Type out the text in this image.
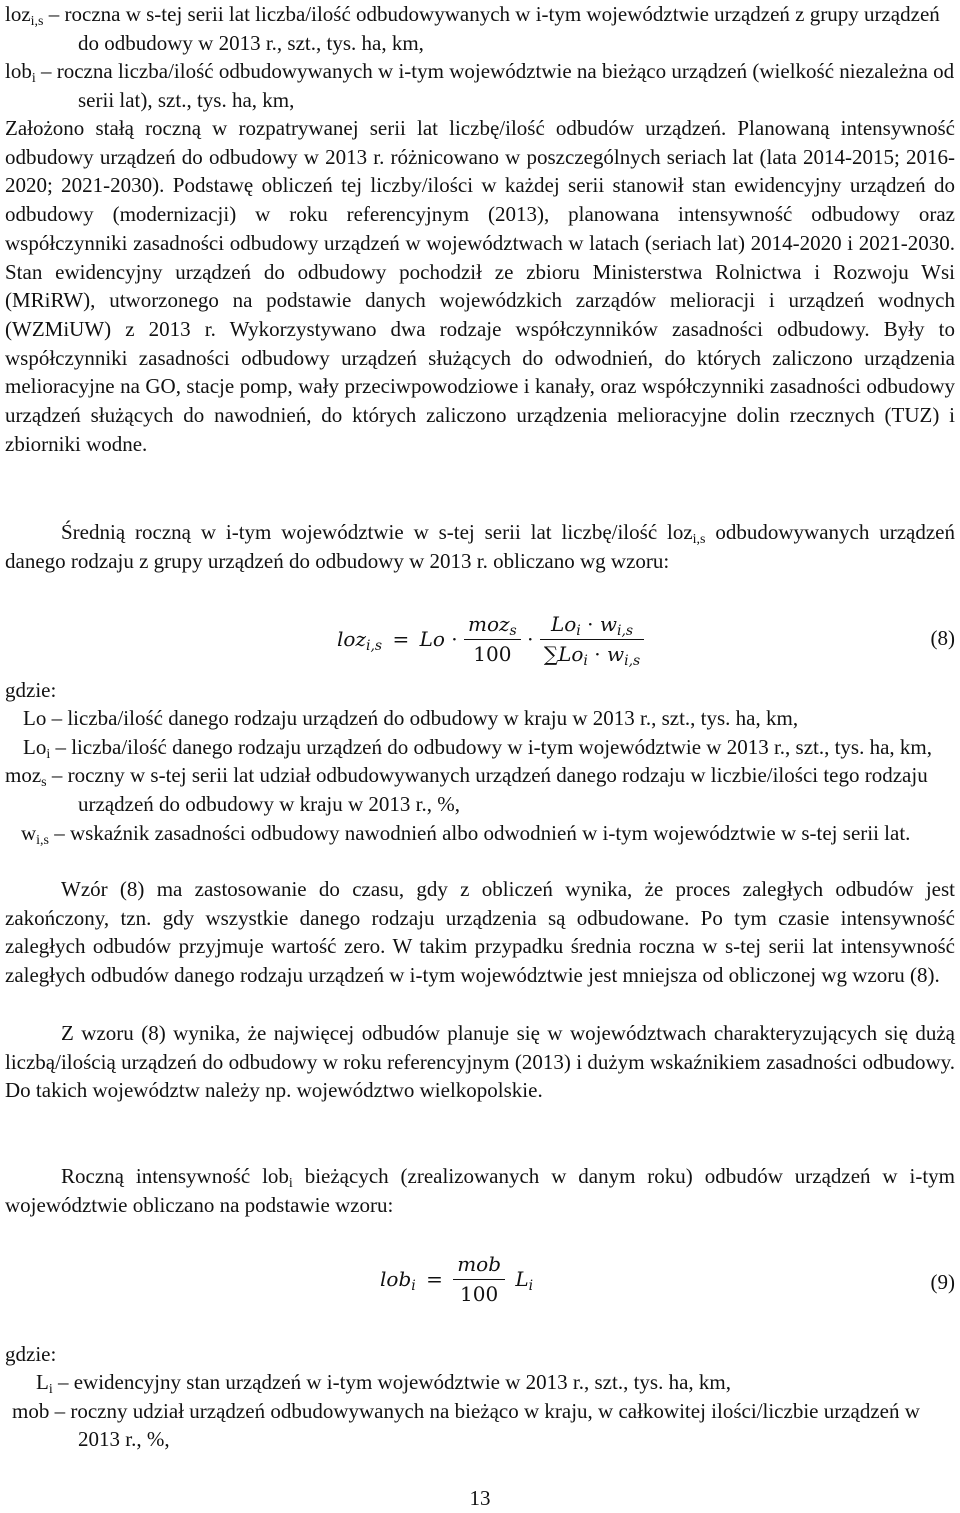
loz$_{i,s}$ – roczna w s-tej serii lat liczba/ilość odbudowywanych w i-tym województwie urządzeń z grupy urządzeń do odbudowy w 2013 r., szt., tys. ha, km,

lob$_i$ – roczna liczba/ilość odbudowywanych w i-tym województwie na bieżąco urządzeń (wielkość niezależna od serii lat), szt., tys. ha, km,

Założono stałą roczną w rozpatrywanej serii lat liczbę/ilość odbudów urządzeń. Planowaną intensywność odbudowy urządzeń do odbudowy w 2013 r. różnicowano w poszczególnych seriach lat (lata 2014-2015; 2016-2020; 2021-2030). Podstawę obliczeń tej liczby/ilości w każdej serii stanowił stan ewidencyjny urządzeń do odbudowy (modernizacji) w roku referencyjnym (2013), planowana intensywność odbudowy oraz współczynniki zasadności odbudowy urządzeń w województwach w latach (seriach lat) 2014-2020 i 2021-2030. Stan ewidencyjny urządzeń do odbudowy pochodził ze zbioru Ministerstwa Rolnictwa i Rozwoju Wsi (MRiRW), utworzonego na podstawie danych wojewódzkich zarządów melioracji i urządzeń wodnych (WZMiUW) z 2013 r. Wykorzystywano dwa rodzaje współczynników zasadności odbudowy. Były to współczynniki zasadności odbudowy urządzeń służących do odwodnień, do których zaliczono urządzenia melioracyjne na GO, stacje pomp, wały przeciwpowodziowe i kanały, oraz współczynniki zasadności odbudowy urządzeń służących do nawodnień, do których zaliczono urządzenia melioracyjne dolin rzecznych (TUZ) i zbiorniki wodne.

Średnią roczną w i-tym województwie w s-tej serii lat liczbę/ilość loz$_{i,s}$ odbudowywanych urządzeń danego rodzaju z grupy urządzeń do odbudowy w 2013 r. obliczano wg wzoru:

$loz_{i,s} = Lo \cdot \frac{moz_s}{100} \cdot \frac{Lo_i \cdot w_{i,s}}{\sum Lo_i \cdot w_{i,s}}$	(8)

gdzie:

Lo – liczba/ilość danego rodzaju urządzeń do odbudowy w kraju w 2013 r., szt., tys. ha, km,

$Lo_i$ – liczba/ilość danego rodzaju urządzeń do odbudowy w i-tym województwie w 2013 r., szt., tys. ha, km,

moz$_s$ – roczny w s-tej serii lat udział odbudowywanych urządzeń danego rodzaju w liczbie/ilości tego rodzaju urządzeń do odbudowy w kraju w 2013 r., %,

$w_{i,s}$ – wskaźnik zasadności odbudowy nawodnień albo odwodnień w i-tym województwie w s-tej serii lat.

Wzór (8) ma zastosowanie do czasu, gdy z obliczeń wynika, że proces zaległych odbudów jest zakończony, tzn. gdy wszystkie danego rodzaju urządzenia są odbudowane. Po tym czasie intensywność zaległych odbudów przyjmuje wartość zero. W takim przypadku średnia roczna w s-tej serii lat intensywność zaległych odbudów danego rodzaju urządzeń w i-tym województwie jest mniejsza od obliczonej wg wzoru (8).

Z wzoru (8) wynika, że najwięcej odbudów planuje się w województwach charakteryzujących się dużą liczbą/ilością urządzeń do odbudowy w roku referencyjnym (2013) i dużym wskaźnikiem zasadności odbudowy. Do takich województw należy np. województwo wielkopolskie.

Roczną intensywność lob$_i$ bieżących (zrealizowanych w danym roku) odbudów urządzeń w i-tym województwie obliczano na podstawie wzoru:

$lob_i = \frac{\text{mob}}{100} L_i$	(9)

gdzie:

$L_i$ – ewidencyjny stan urządzeń w i-tym województwie w 2013 r., szt., tys. ha, km,

mob – roczny udział urządzeń odbudowywanych na bieżąco w kraju, w całkowitej ilości/liczbie urządzeń w 2013 r., %,

13
